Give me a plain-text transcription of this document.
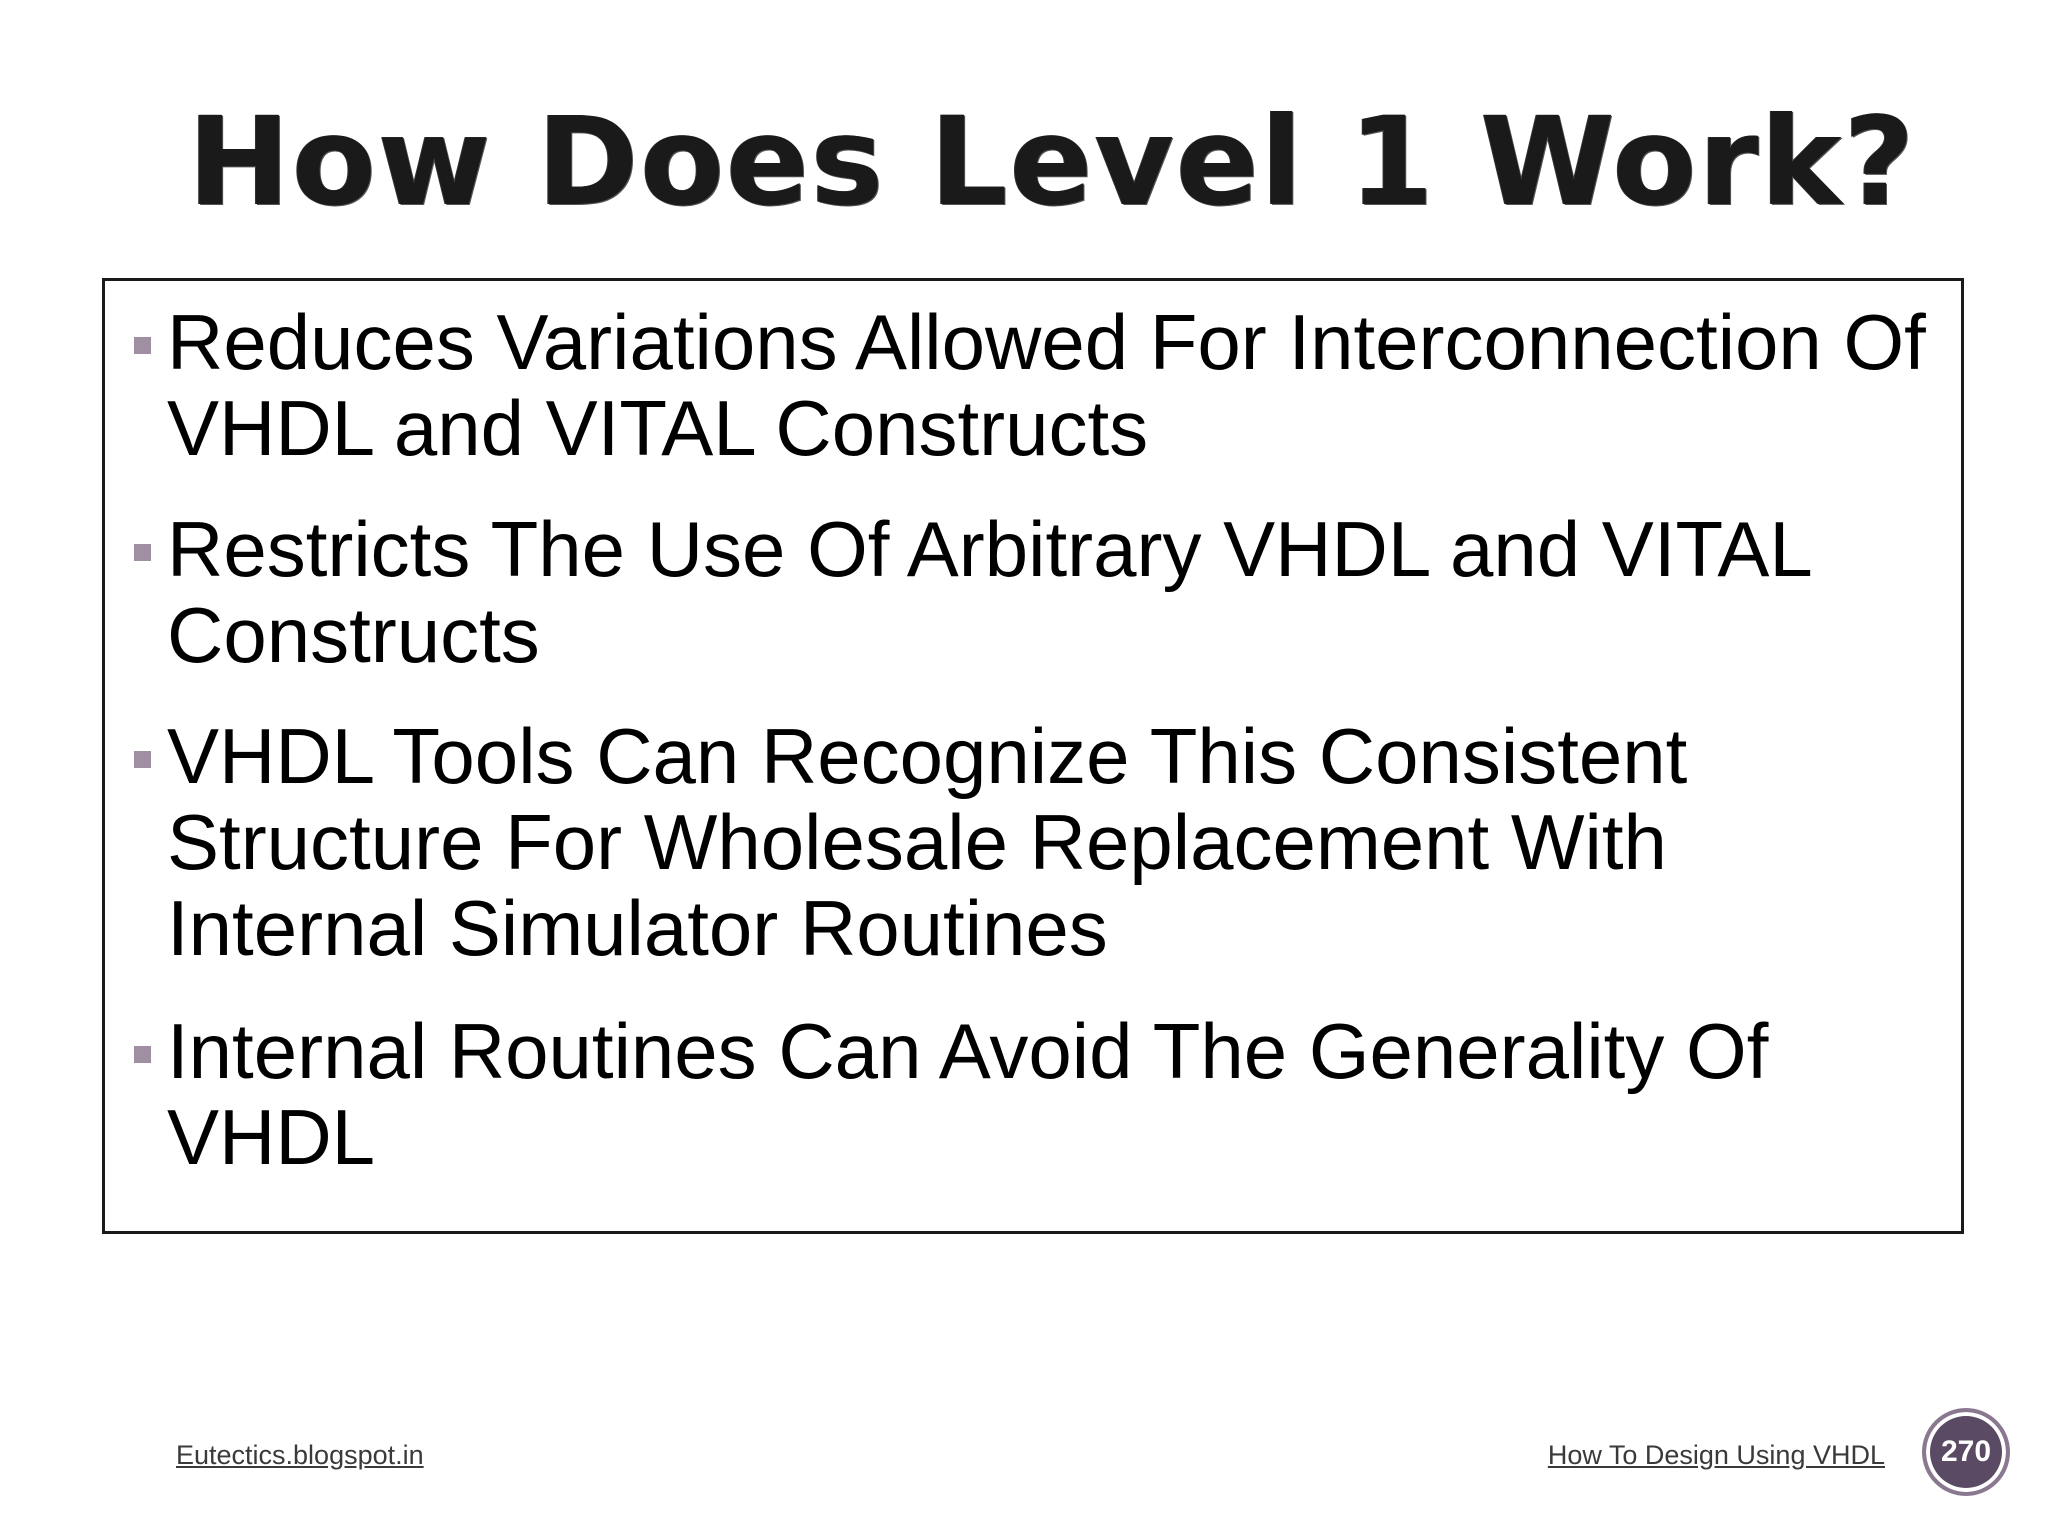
How Does Level 1 Work?
Reduces Variations Allowed For Interconnection Of VHDL and VITAL Constructs
Restricts The Use Of Arbitrary VHDL and VITAL Constructs
VHDL Tools Can Recognize This Consistent Structure For Wholesale Replacement With Internal Simulator Routines
Internal Routines Can Avoid The Generality Of VHDL
Eutectics.blogspot.in	How To Design Using VHDL 270
